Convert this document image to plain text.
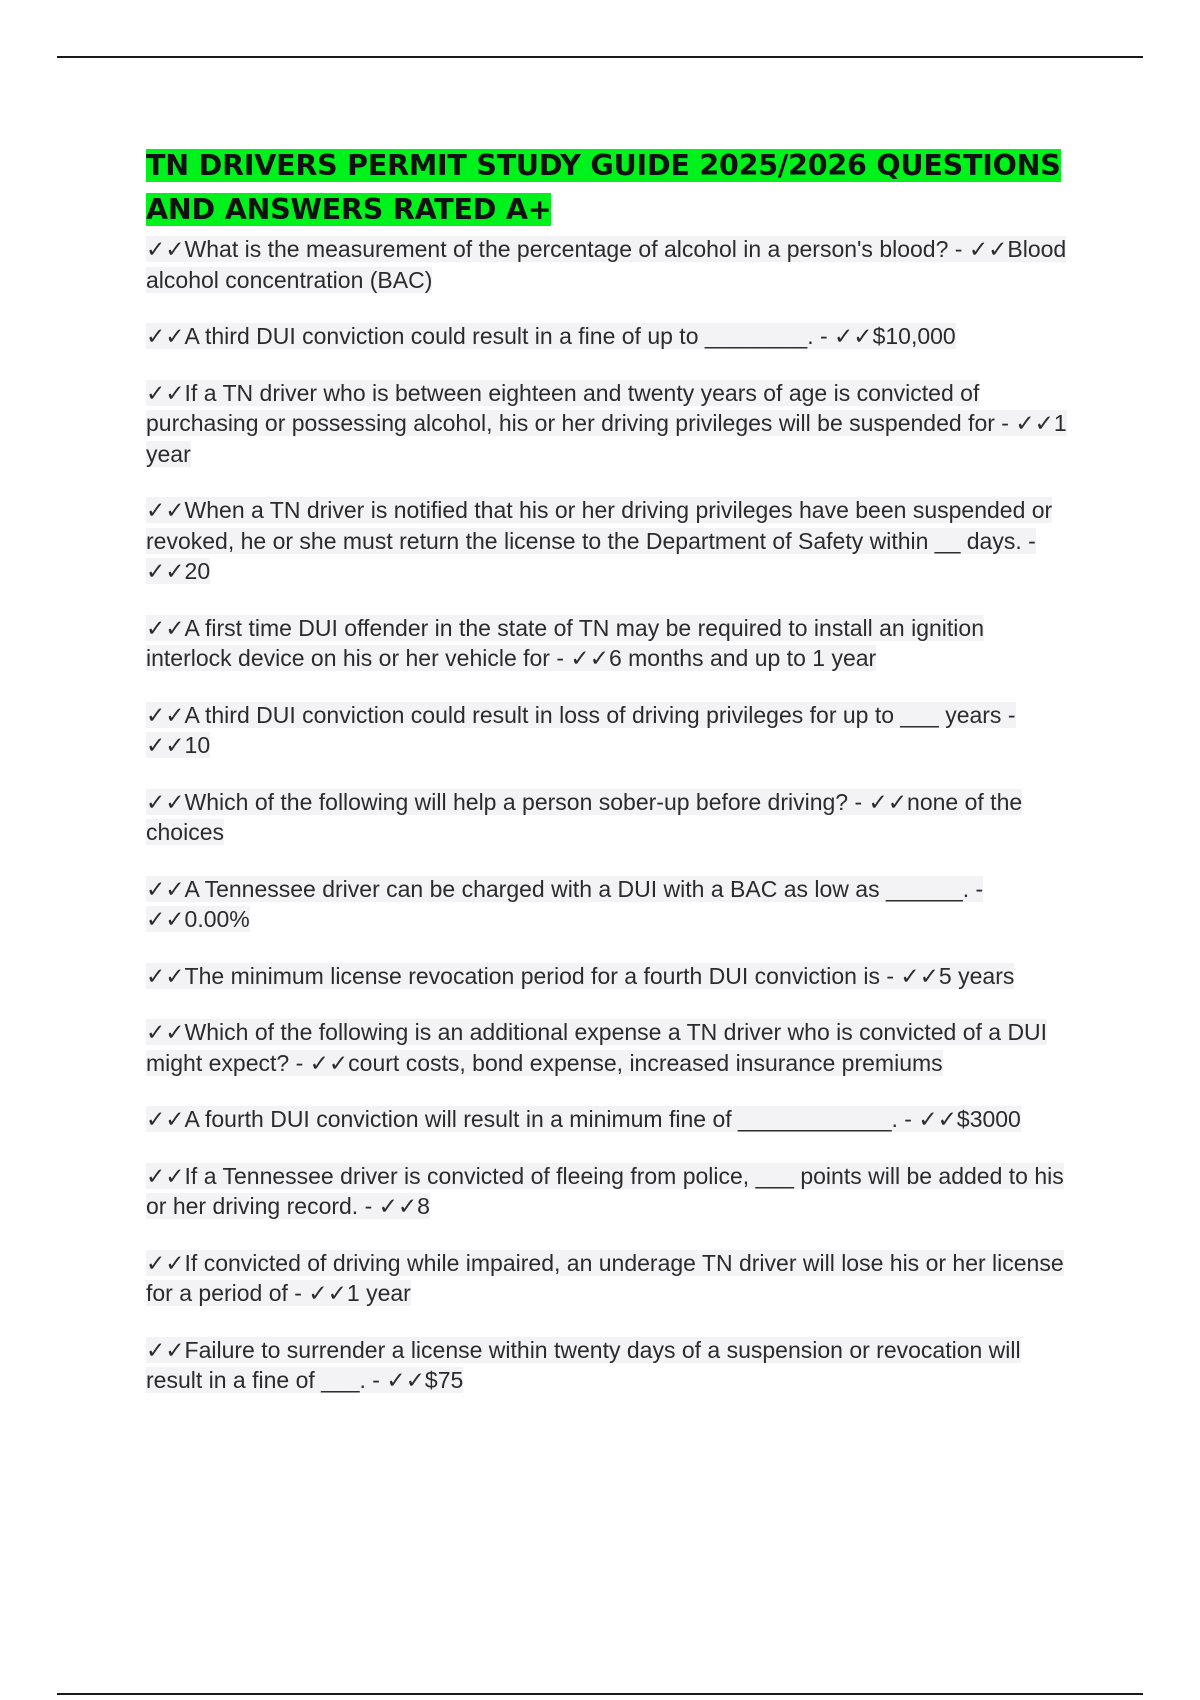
TN DRIVERS PERMIT STUDY GUIDE 2025/2026 QUESTIONS AND ANSWERS RATED A+

✓✓What is the measurement of the percentage of alcohol in a person's blood? - ✓✓Blood alcohol concentration (BAC)

✓✓A third DUI conviction could result in a fine of up to ________. - ✓✓$10,000

✓✓If a TN driver who is between eighteen and twenty years of age is convicted of purchasing or possessing alcohol, his or her driving privileges will be suspended for - ✓✓1 year

✓✓When a TN driver is notified that his or her driving privileges have been suspended or revoked, he or she must return the license to the Department of Safety within __ days. - ✓✓20

✓✓A first time DUI offender in the state of TN may be required to install an ignition interlock device on his or her vehicle for - ✓✓6 months and up to 1 year

✓✓A third DUI conviction could result in loss of driving privileges for up to ___ years - ✓✓10

✓✓Which of the following will help a person sober-up before driving? - ✓✓none of the choices

✓✓A Tennessee driver can be charged with a DUI with a BAC as low as ______. - ✓✓0.00%

✓✓The minimum license revocation period for a fourth DUI conviction is - ✓✓5 years

✓✓Which of the following is an additional expense a TN driver who is convicted of a DUI might expect? - ✓✓court costs, bond expense, increased insurance premiums

✓✓A fourth DUI conviction will result in a minimum fine of ____________. - ✓✓$3000

✓✓If a Tennessee driver is convicted of fleeing from police, ___ points will be added to his or her driving record. - ✓✓8

✓✓If convicted of driving while impaired, an underage TN driver will lose his or her license for a period of - ✓✓1 year

✓✓Failure to surrender a license within twenty days of a suspension or revocation will result in a fine of ___. - ✓✓$75
